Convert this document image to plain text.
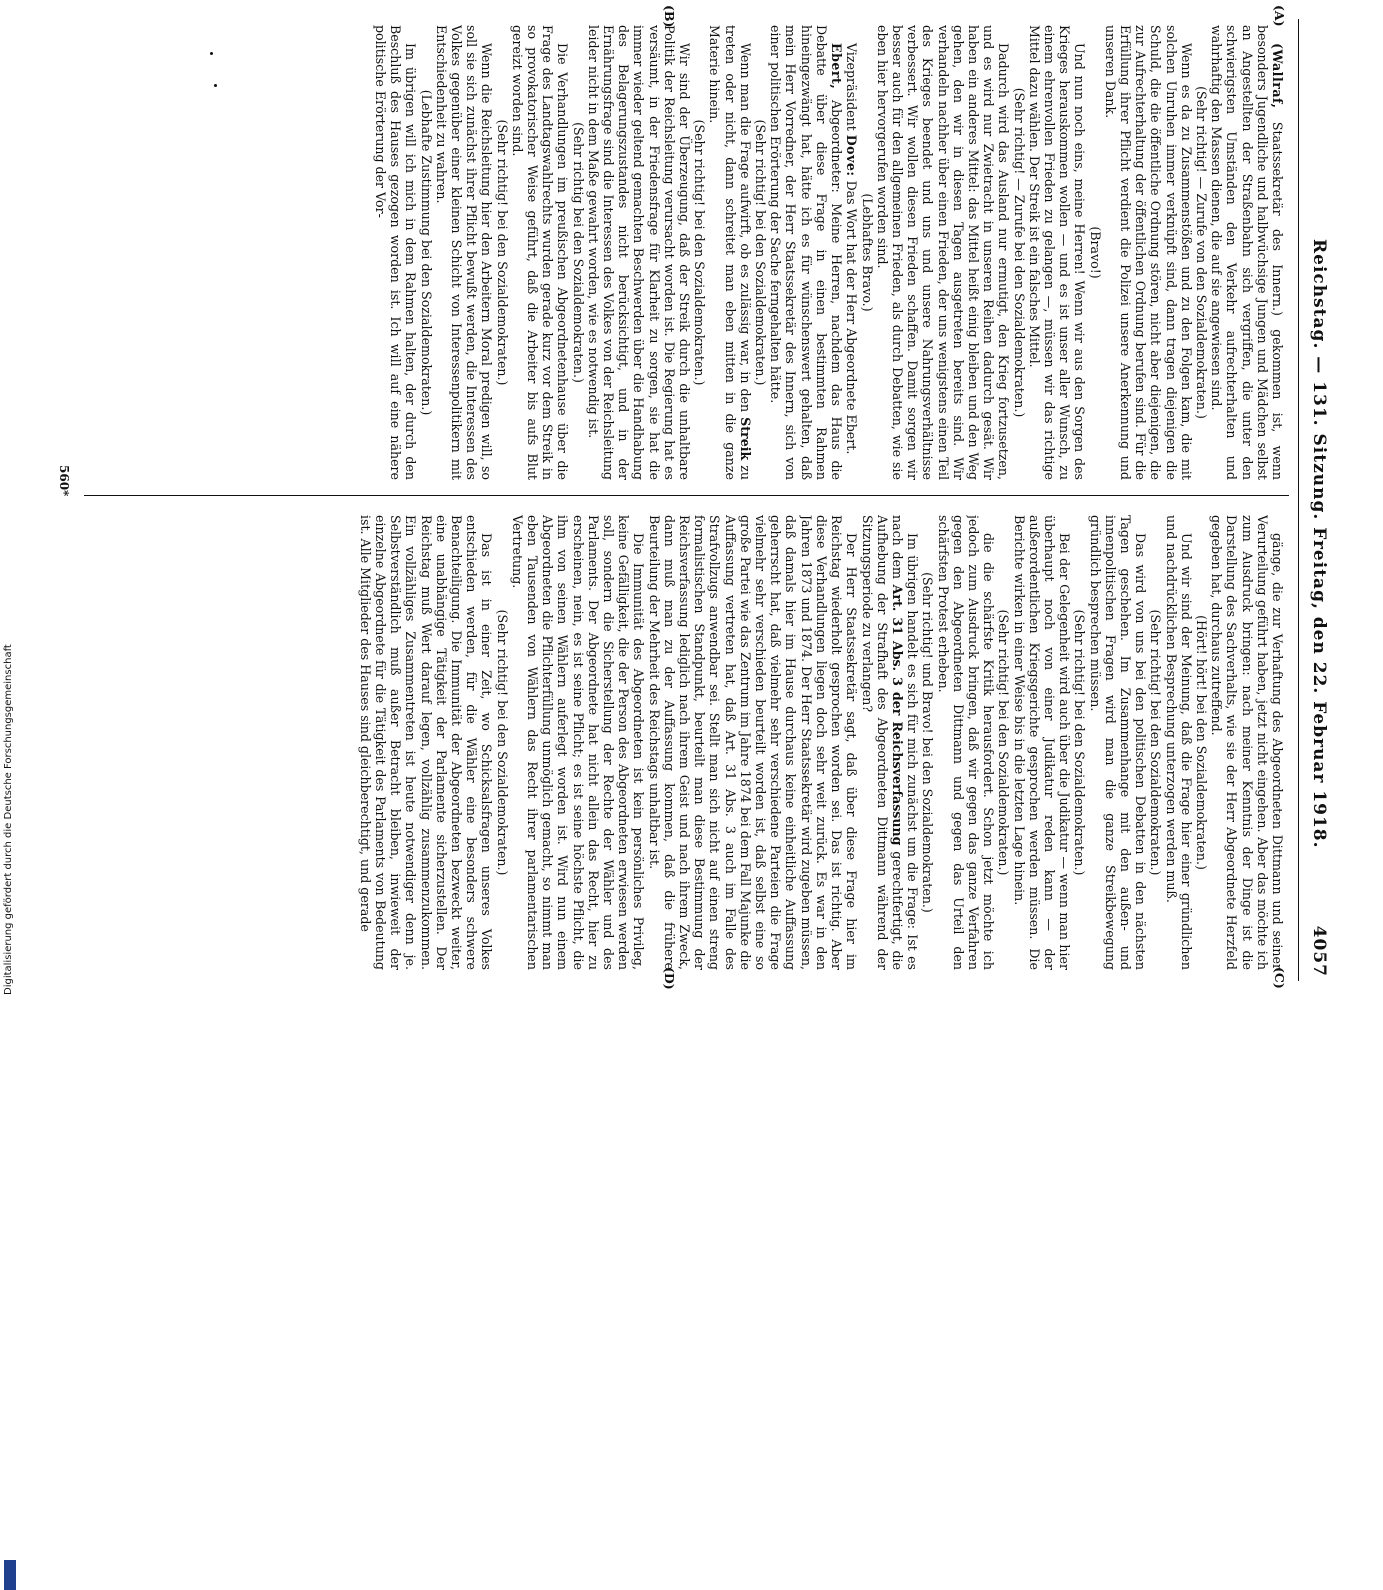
Reichstag. — 131. Sitzung. Freitag, den 22. Februar 1918.
4057
(A)
(B)
(C)
(D)

(Wallraf, Staatssekretär des Innern.) gekommen ist, wenn besonders Jugendliche und halbwüchsige Jungen und Mädchen selbst an Angestellten der Straßenbahn sich vergriffen, die unter den schwierigsten Umständen den Verkehr aufrechterhalten und wahrhaftig den Massen dienen, die auf sie angewiesen sind.

(Sehr richtig! — Zurufe von den Sozialdemokraten.)

Wenn es da zu Zusammenstößen und zu den Folgen kam, die mit solchen Unruhen immer verknüpft sind, dann tragen diejenigen die Schuld, die die öffentliche Ordnung stören, nicht aber diejenigen, die zur Aufrechterhaltung der öffentlichen Ordnung berufen sind. Für die Erfüllung ihrer Pflicht verdient die Polizei unsere Anerkennung und unseren Dank.

(Bravo!)

Und nun noch eins, meine Herren! Wenn wir aus den Sorgen des Krieges herauskommen wollen — und es ist unser aller Wunsch, zu einem ehrenvollen Frieden zu gelangen —, müssen wir das richtige Mittel dazu wählen. Der Streik ist ein falsches Mittel.

(Sehr richtig! — Zurufe bei den Sozialdemokraten.)

Dadurch wird das Ausland nur ermutigt, den Krieg fortzusetzen, und es wird nur Zwietracht in unseren Reihen dadurch gesät. Wir haben ein anderes Mittel: das Mittel heißt einig bleiben und den Weg gehen, den wir in diesen Tagen ausgetreten bereits sind. Wir verhandeln nachher über einen Frieden, der uns wenigstens einen Teil des Krieges beendet und uns und unsere Nahrungsverhältnisse verbessert. Wir wollen diesen Frieden schaffen. Damit sorgen wir besser auch für den allgemeinen Frieden, als durch Debatten, wie sie eben hier hervorgerufen worden sind.

(Lebhaftes Bravo.)

Vizepräsident Dove: Das Wort hat der Herr Abgeordnete Ebert.

Ebert, Abgeordneter: Meine Herren, nachdem das Haus die Debatte über diese Frage in einen bestimmten Rahmen hineingezwängt hat, hätte ich es für wünschenswert gehalten, daß mein Herr Vorredner, der Herr Staatssekretär des Innern, sich von einer politischen Erörterung der Sache ferngehalten hätte.

(Sehr richtig! bei den Sozialdemokraten.)

Wenn man die Frage aufwirft, ob es zulässig war, in den Streik zu treten oder nicht, dann schreitet man eben mitten in die ganze Materie hinein.

(Sehr richtig! bei den Sozialdemokraten.)

Wir sind der Überzeugung, daß der Streik durch die unhaltbare Politik der Reichsleitung verursacht worden ist. Die Regierung hat es versäumt, in der Friedensfrage für Klarheit zu sorgen, sie hat die immer wieder geltend gemachten Beschwerden über die Handhabung des Belagerungszustandes nicht berücksichtigt, und in der Ernährungsfrage sind die Interessen des Volkes von der Reichsleitung leider nicht in dem Maße gewahrt worden, wie es notwendig ist.

(Sehr richtig bei den Sozialdemokraten.)

Die Verhandlungen im preußischen Abgeordnetenhause über die Frage des Landtagswahlrechts wurden gerade kurz vor dem Streik in so provokatorischer Weise geführt, daß die Arbeiter bis aufs Blut gereizt worden sind.

(Sehr richtig! bei den Sozialdemokraten.)

Wenn die Reichsleitung hier den Arbeitern Moral predigen will, so soll sie sich zunächst ihrer Pflicht bewußt werden, die Interessen des Volkes gegenüber einer kleinen Schicht von Interessenpolitikern mit Entschiedenheit zu wahren.

(Lebhafte Zustimmung bei den Sozialdemokraten.)

Im übrigen will ich mich in dem Rahmen halten, der durch den Beschluß des Hauses gezogen worden ist. Ich will auf eine nähere politische Erörterung der Vor-

gänge, die zur Verhaftung des Abgeordneten Dittmann und seiner Verurteilung geführt haben, jetzt nicht eingehen. Aber das möchte ich zum Ausdruck bringen: nach meiner Kenntnis der Dinge ist die Darstellung des Sachverhalts, wie sie der Herr Abgeordnete Herzfeld gegeben hat, durchaus zutreffend.

(Hört! hört! bei den Sozialdemokraten.)

Und wir sind der Meinung, daß die Frage hier einer gründlichen und nachdrücklichen Besprechung unterzogen werden muß.

(Sehr richtig! bei den Sozialdemokraten.)

Das wird von uns bei den politischen Debatten in den nächsten Tagen geschehen. Im Zusammenhange mit den außen- und innenpolitischen Fragen wird man die ganze Streikbewegung gründlich besprechen müssen.

(Sehr richtig! bei den Sozialdemokraten.)

Bei der Gelegenheit wird auch über die Judikatur — wenn man hier überhaupt noch von einer Judikatur reden kann — der außerordentlichen Kriegsgerichte gesprochen werden müssen. Die Berichte wirken in einer Weise bis in die letzten Lage hinein.

(Sehr richtig! bei den Sozialdemokraten.)

die die schärfste Kritik herausfordert. Schon jetzt möchte ich jedoch zum Ausdruck bringen, daß wir gegen das ganze Verfahren gegen den Abgeordneten Dittmann und gegen das Urteil den schärfsten Protest erheben.

(Sehr richtig! und Bravo! bei den Sozialdemokraten.)

Im übrigen handelt es sich für mich zunächst um die Frage: Ist es nach dem Art. 31 Abs. 3 der Reichsverfassung gerechtfertigt, die Aufhebung der Strafhaft des Abgeordneten Dittmann während der Sitzungsperiode zu verlangen?

Der Herr Staatssekretär sagt, daß über diese Frage hier im Reichstag wiederholt gesprochen worden sei. Das ist richtig. Aber diese Verhandlungen liegen doch sehr weit zurück. Es war in den Jahren 1873 und 1874. Der Herr Staatssekretär wird zugeben müssen, daß damals hier im Hause durchaus keine einheitliche Auffassung geherrscht hat, daß vielmehr sehr verschiedene Parteien die Frage vielmehr sehr verschieden beurteilt worden ist, daß selbst eine so große Partei wie das Zentrum im Jahre 1874 bei dem Fall Majunke die Auffassung vertreten hat, daß Art. 31 Abs. 3 auch im Falle des Strafvollzugs anwendbar sei. Stellt man sich nicht auf einen streng formalistischen Standpunkt, beurteilt man diese Bestimmung der Reichsverfassung lediglich nach ihrem Geist und nach ihrem Zweck, dann muß man zu der Auffassung kommen, daß die frühere Beurteilung der Mehrheit des Reichstags unhaltbar ist.

Die Immunität des Abgeordneten ist kein persönliches Privileg, keine Gefälligkeit, die der Person des Abgeordneten erwiesen werden soll, sondern die Sicherstellung der Rechte der Wähler und des Parlaments. Der Abgeordnete hat nicht allein das Recht, hier zu erscheinen, nein, es ist seine Pflicht; es ist seine höchste Pflicht, die ihm von seinen Wählern auferlegt worden ist. Wird nun einem Abgeordneten die Pflichterfüllung unmöglich gemacht, so nimmt man eben Tausenden von Wählern das Recht ihrer parlamentarischen Vertretung.

(Sehr richtig! bei den Sozialdemokraten.)

Das ist in einer Zeit, wo Schicksalsfragen unseres Volkes entschieden werden, für die Wähler eine besonders schwere Benachteiligung. Die Immunität der Abgeordneten bezweckt weiter, eine unabhängige Tätigkeit der Parlamente sicherzustellen. Der Reichstag muß Wert darauf legen, vollzählig zusammenzukommen. Ein vollzähliges Zusammentreten ist heute notwendiger denn je. Selbstverständlich muß außer Betracht bleiben, inwieweit der einzelne Abgeordnete für die Tätigkeit des Parlaments von Bedeutung ist. Alle Mitglieder des Hauses sind gleichberechtigt, und gerade

560*
Digitalisierung gefördert durch die Deutsche Forschungsgemeinschaft
